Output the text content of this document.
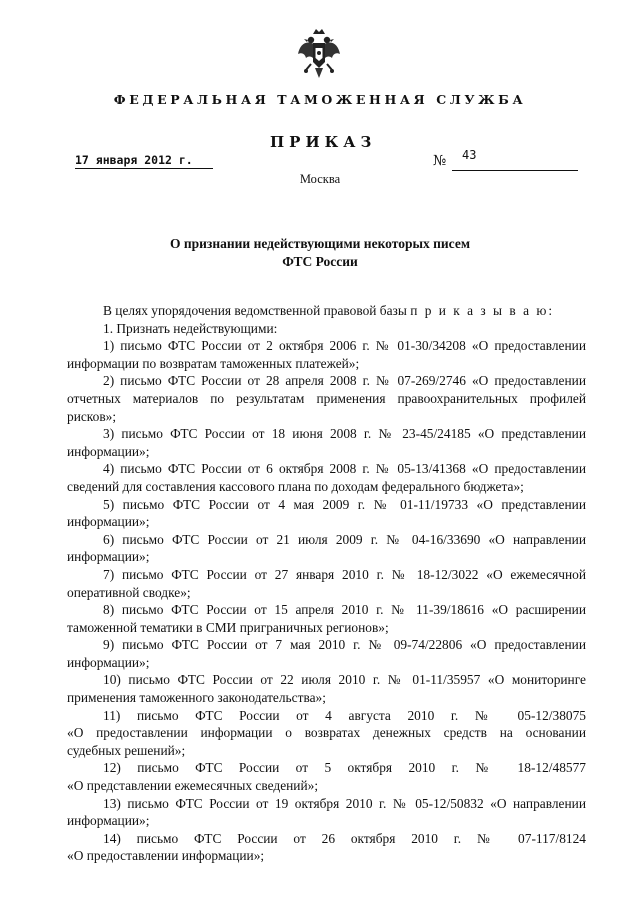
ФЕДЕРАЛЬНАЯ ТАМОЖЕННАЯ СЛУЖБА
ПРИКАЗ
17 января 2012 г.	№ 43
Москва
О признании недействующими некоторых писем
ФТС России

В целях упорядочения ведомственной правовой базы п р и к а з ы в а ю:

1. Признать недействующими:

1) письмо ФТС России от 2 октября 2006 г. № 01-30/34208 «О предоставлении

информации по возвратам таможенных платежей»;

2) письмо ФТС России от 28 апреля 2008 г. № 07-269/2746 «О предоставлении

отчетных материалов по результатам применения правоохранительных профилей

рисков»;

3) письмо ФТС России от 18 июня 2008 г. № 23-45/24185 «О представлении

информации»;

4) письмо ФТС России от 6 октября 2008 г. № 05-13/41368 «О предоставлении

сведений для составления кассового плана по доходам федерального бюджета»;

5) письмо ФТС России от 4 мая 2009 г. № 01-11/19733 «О представлении

информации»;

6) письмо ФТС России от 21 июля 2009 г. № 04-16/33690 «О направлении

информации»;

7) письмо ФТС России от 27 января 2010 г. № 18-12/3022 «О ежемесячной

оперативной сводке»;

8) письмо ФТС России от 15 апреля 2010 г. № 11-39/18616 «О расширении

таможенной тематики в СМИ приграничных регионов»;

9) письмо ФТС России от 7 мая 2010 г. № 09-74/22806 «О предоставлении

информации»;

10) письмо ФТС России от 22 июля 2010 г. № 01-11/35957 «О мониторинге

применения таможенного законодательства»;

11) письмо ФТС России от 4 августа 2010 г. № 05-12/38075

«О предоставлении информации о возвратах денежных средств на основании

судебных решений»;

12) письмо ФТС России от 5 октября 2010 г. № 18-12/48577

«О представлении ежемесячных сведений»;

13) письмо ФТС России от 19 октября 2010 г. № 05-12/50832 «О направлении

информации»;

14) письмо ФТС России от 26 октября 2010 г. № 07-117/8124

«О предоставлении информации»;
